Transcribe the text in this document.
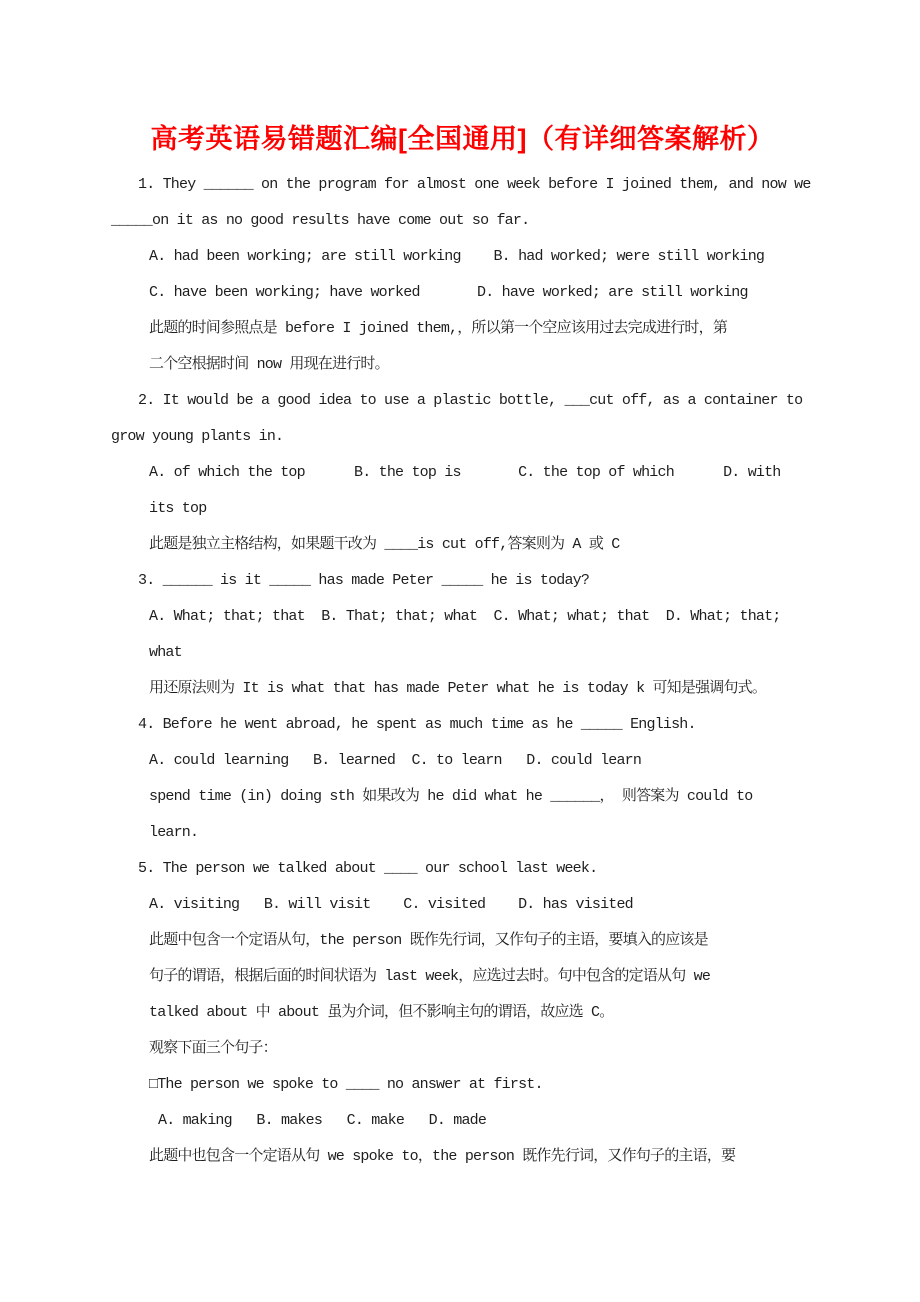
高考英语易错题汇编[全国通用]（有详细答案解析）
1. They ______ on the program for almost one week before I joined them, and now we
_____on it as no good results have come out so far.
A. had been working; are still working    B. had worked; were still working
C. have been working; have worked       D. have worked; are still working
此题的时间参照点是 before I joined them,，所以第一个空应该用过去完成进行时，第
二个空根据时间 now 用现在进行时。
2. It would be a good idea to use a plastic bottle, ___cut off, as a container to
grow young plants in.
A. of which the top      B. the top is       C. the top of which      D. with
its top
此题是独立主格结构，如果题干改为 ____is cut off,答案则为 A 或 C
3. ______ is it _____ has made Peter _____ he is today?
A. What; that; that  B. That; that; what  C. What; what; that  D. What; that;
what
用还原法则为 It is what that has made Peter what he is today k 可知是强调句式。
4. Before he went abroad, he spent as much time as he _____ English.
A. could learning   B. learned  C. to learn   D. could learn
spend time (in) doing sth 如果改为 he did what he ______， 则答案为 could to
learn.
5. The person we talked about ____ our school last week.
A. visiting   B. will visit    C. visited    D. has visited
此题中包含一个定语从句，the person 既作先行词，又作句子的主语，要填入的应该是
句子的谓语，根据后面的时间状语为 last week，应选过去时。句中包含的定语从句 we
talked about 中 about 虽为介词，但不影响主句的谓语，故应选 C。
观察下面三个句子：
□The person we spoke to ____ no answer at first.
A. making   B. makes   C. make   D. made
此题中也包含一个定语从句 we spoke to，the person 既作先行词，又作句子的主语，要
